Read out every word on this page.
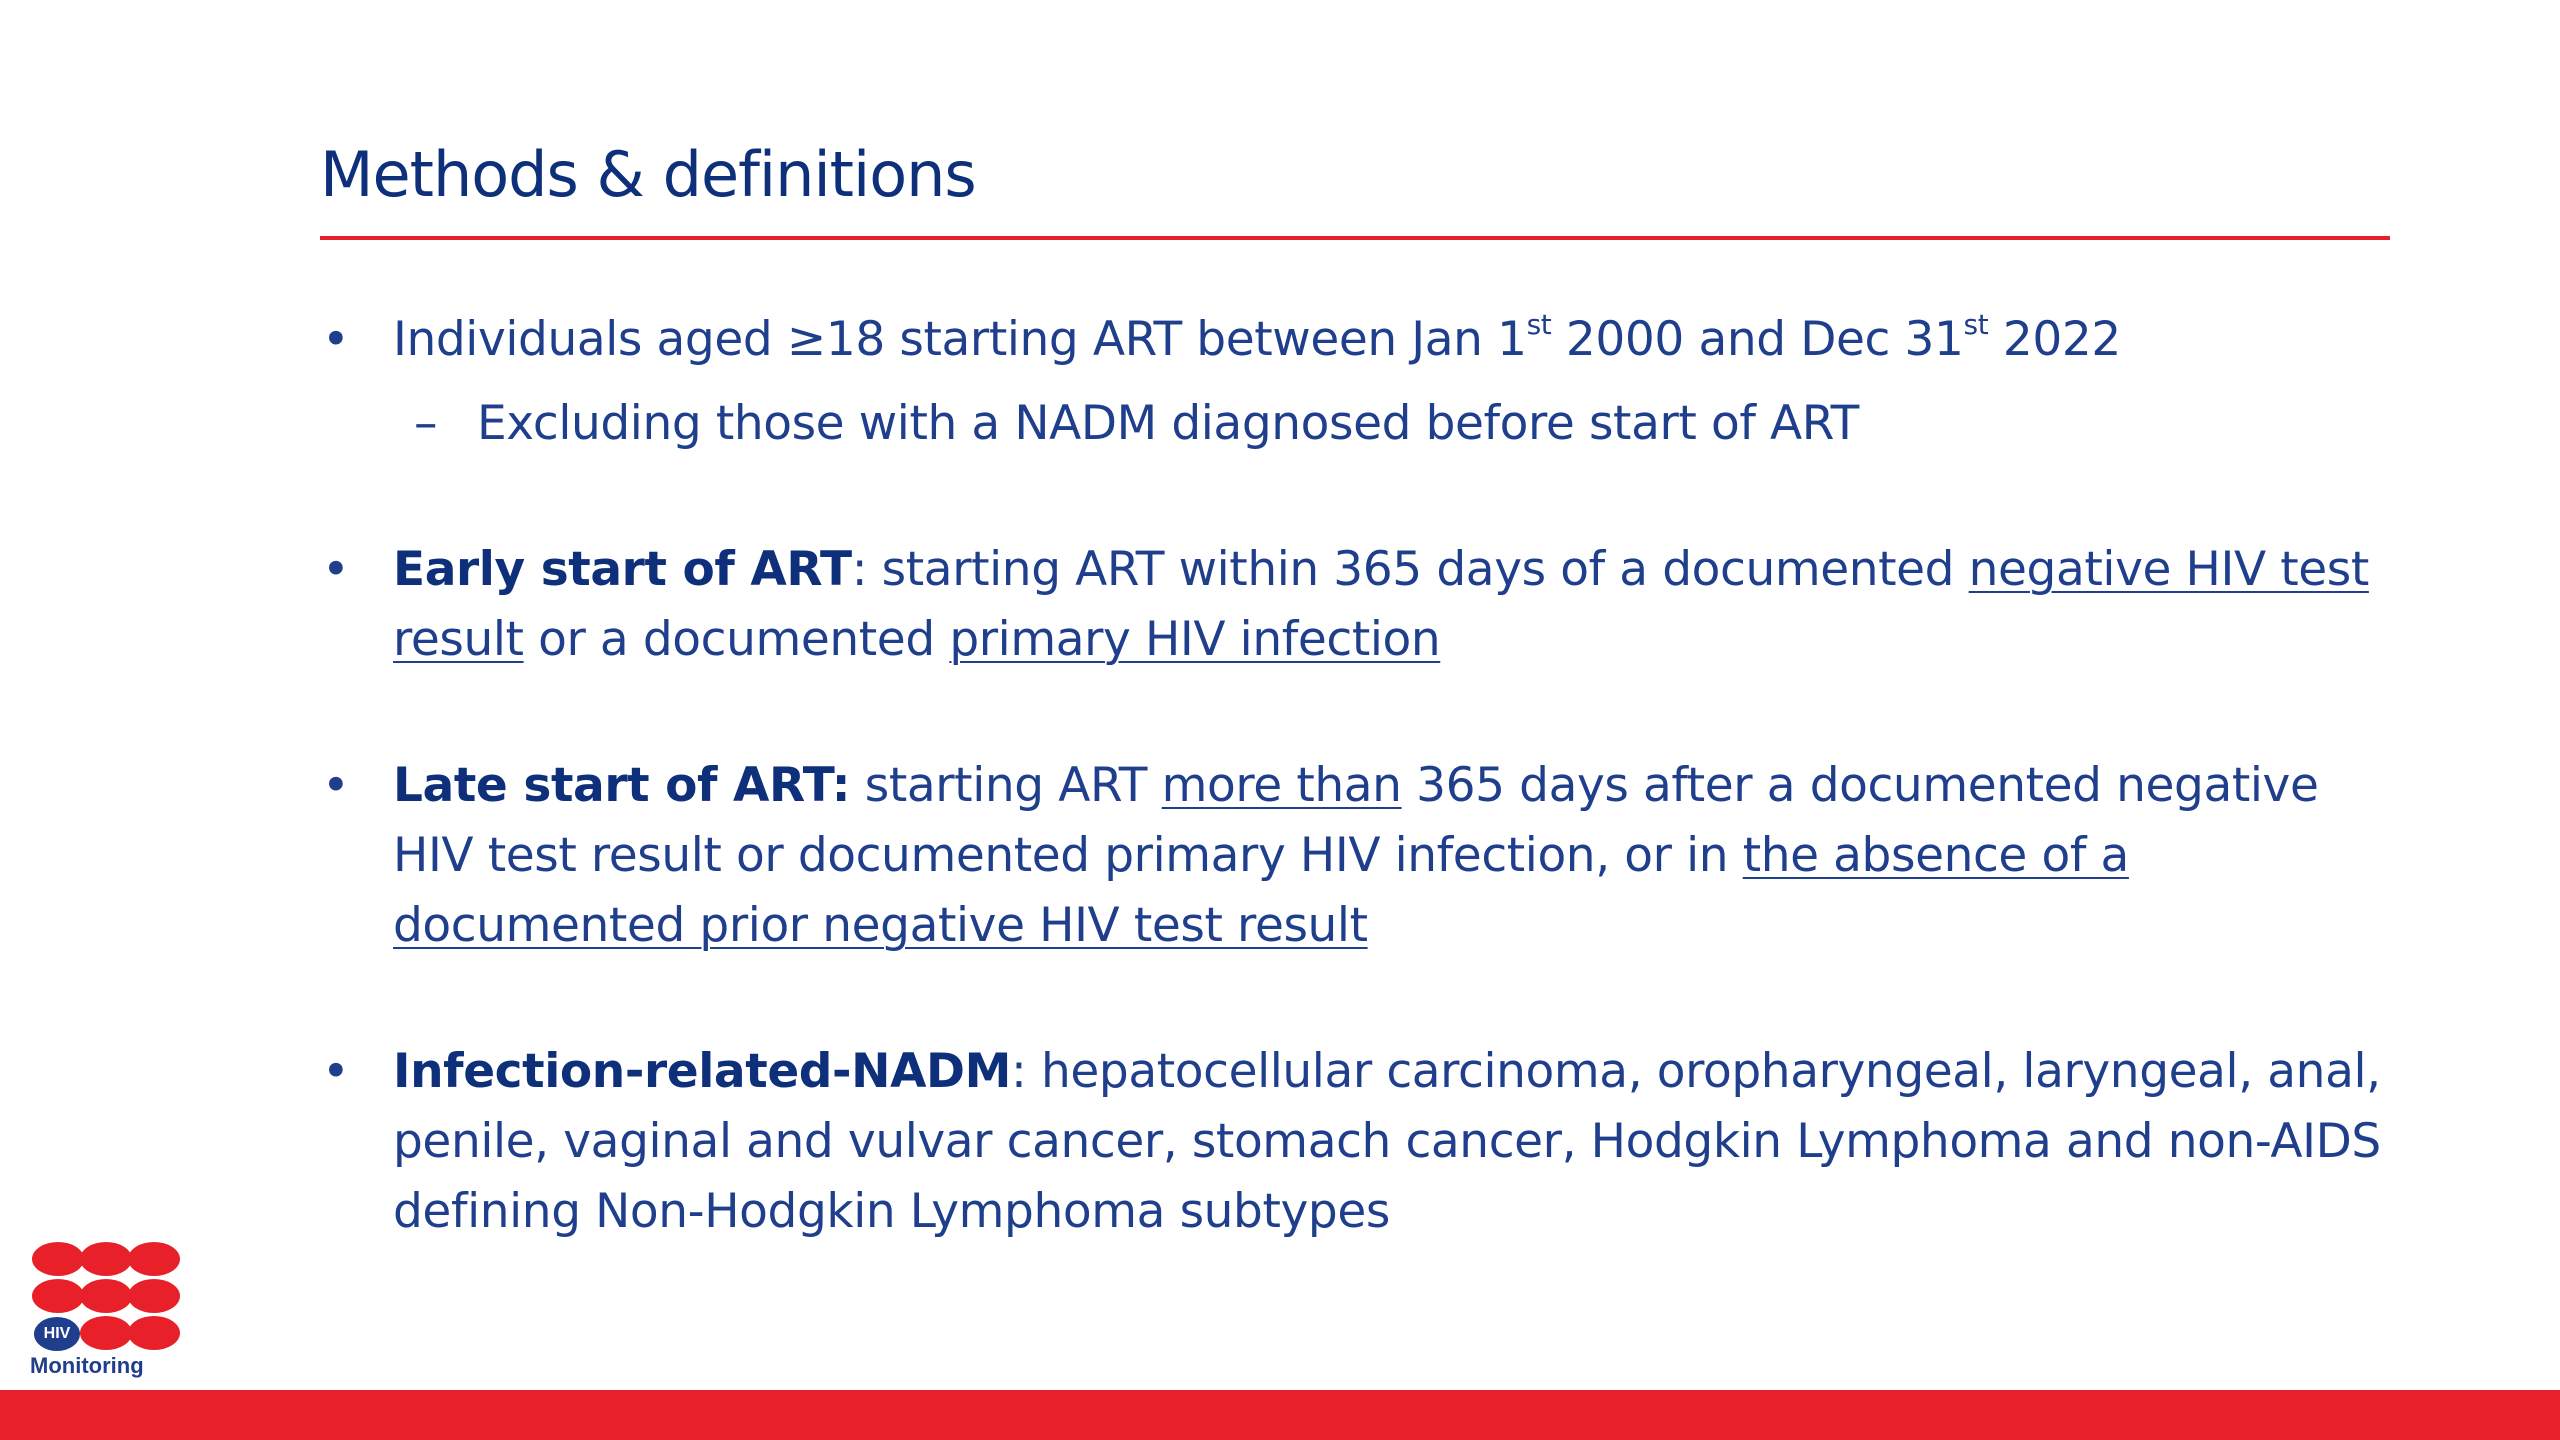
Methods & definitions
• Individuals aged ≥18 starting ART between Jan 1st 2000 and Dec 31st 2022
– Excluding those with a NADM diagnosed before start of ART
• Early start of ART: starting ART within 365 days of a documented negative HIV test result or a documented primary HIV infection
• Late start of ART: starting ART more than 365 days after a documented negative HIV test result or documented primary HIV infection, or in the absence of a documented prior negative HIV test result
• Infection-related-NADM: hepatocellular carcinoma, oropharyngeal, laryngeal, anal, penile, vaginal and vulvar cancer, stomach cancer, Hodgkin Lymphoma and non-AIDS defining Non-Hodgkin Lymphoma subtypes
HIV
Monitoring
